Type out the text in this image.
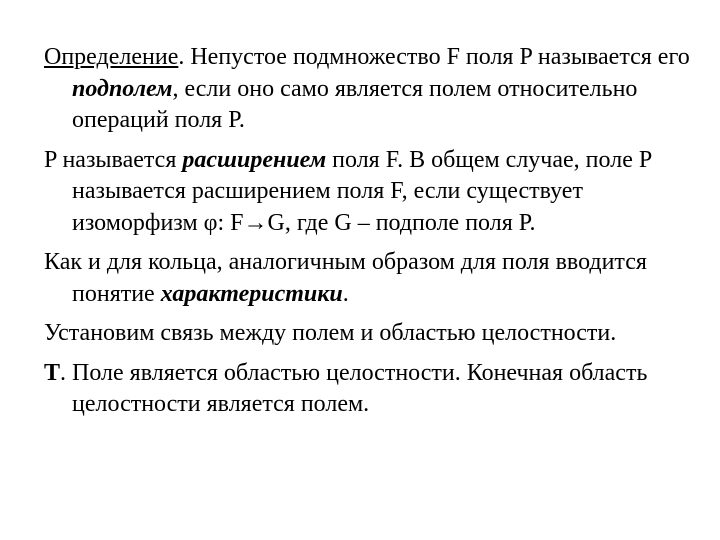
Определение. Непустое подмножество F поля P называется его подполем, если оно само является полем относительно операций поля P.

P называется расширением поля F. В общем случае, поле P называется расширением поля F, если существует изоморфизм φ: F→G, где G – подполе поля P.

Как и для кольца, аналогичным образом для поля вводится понятие характеристики.

Установим связь между полем и областью целостности.

Т. Поле является областью целостности. Конечная область целостности является полем.
